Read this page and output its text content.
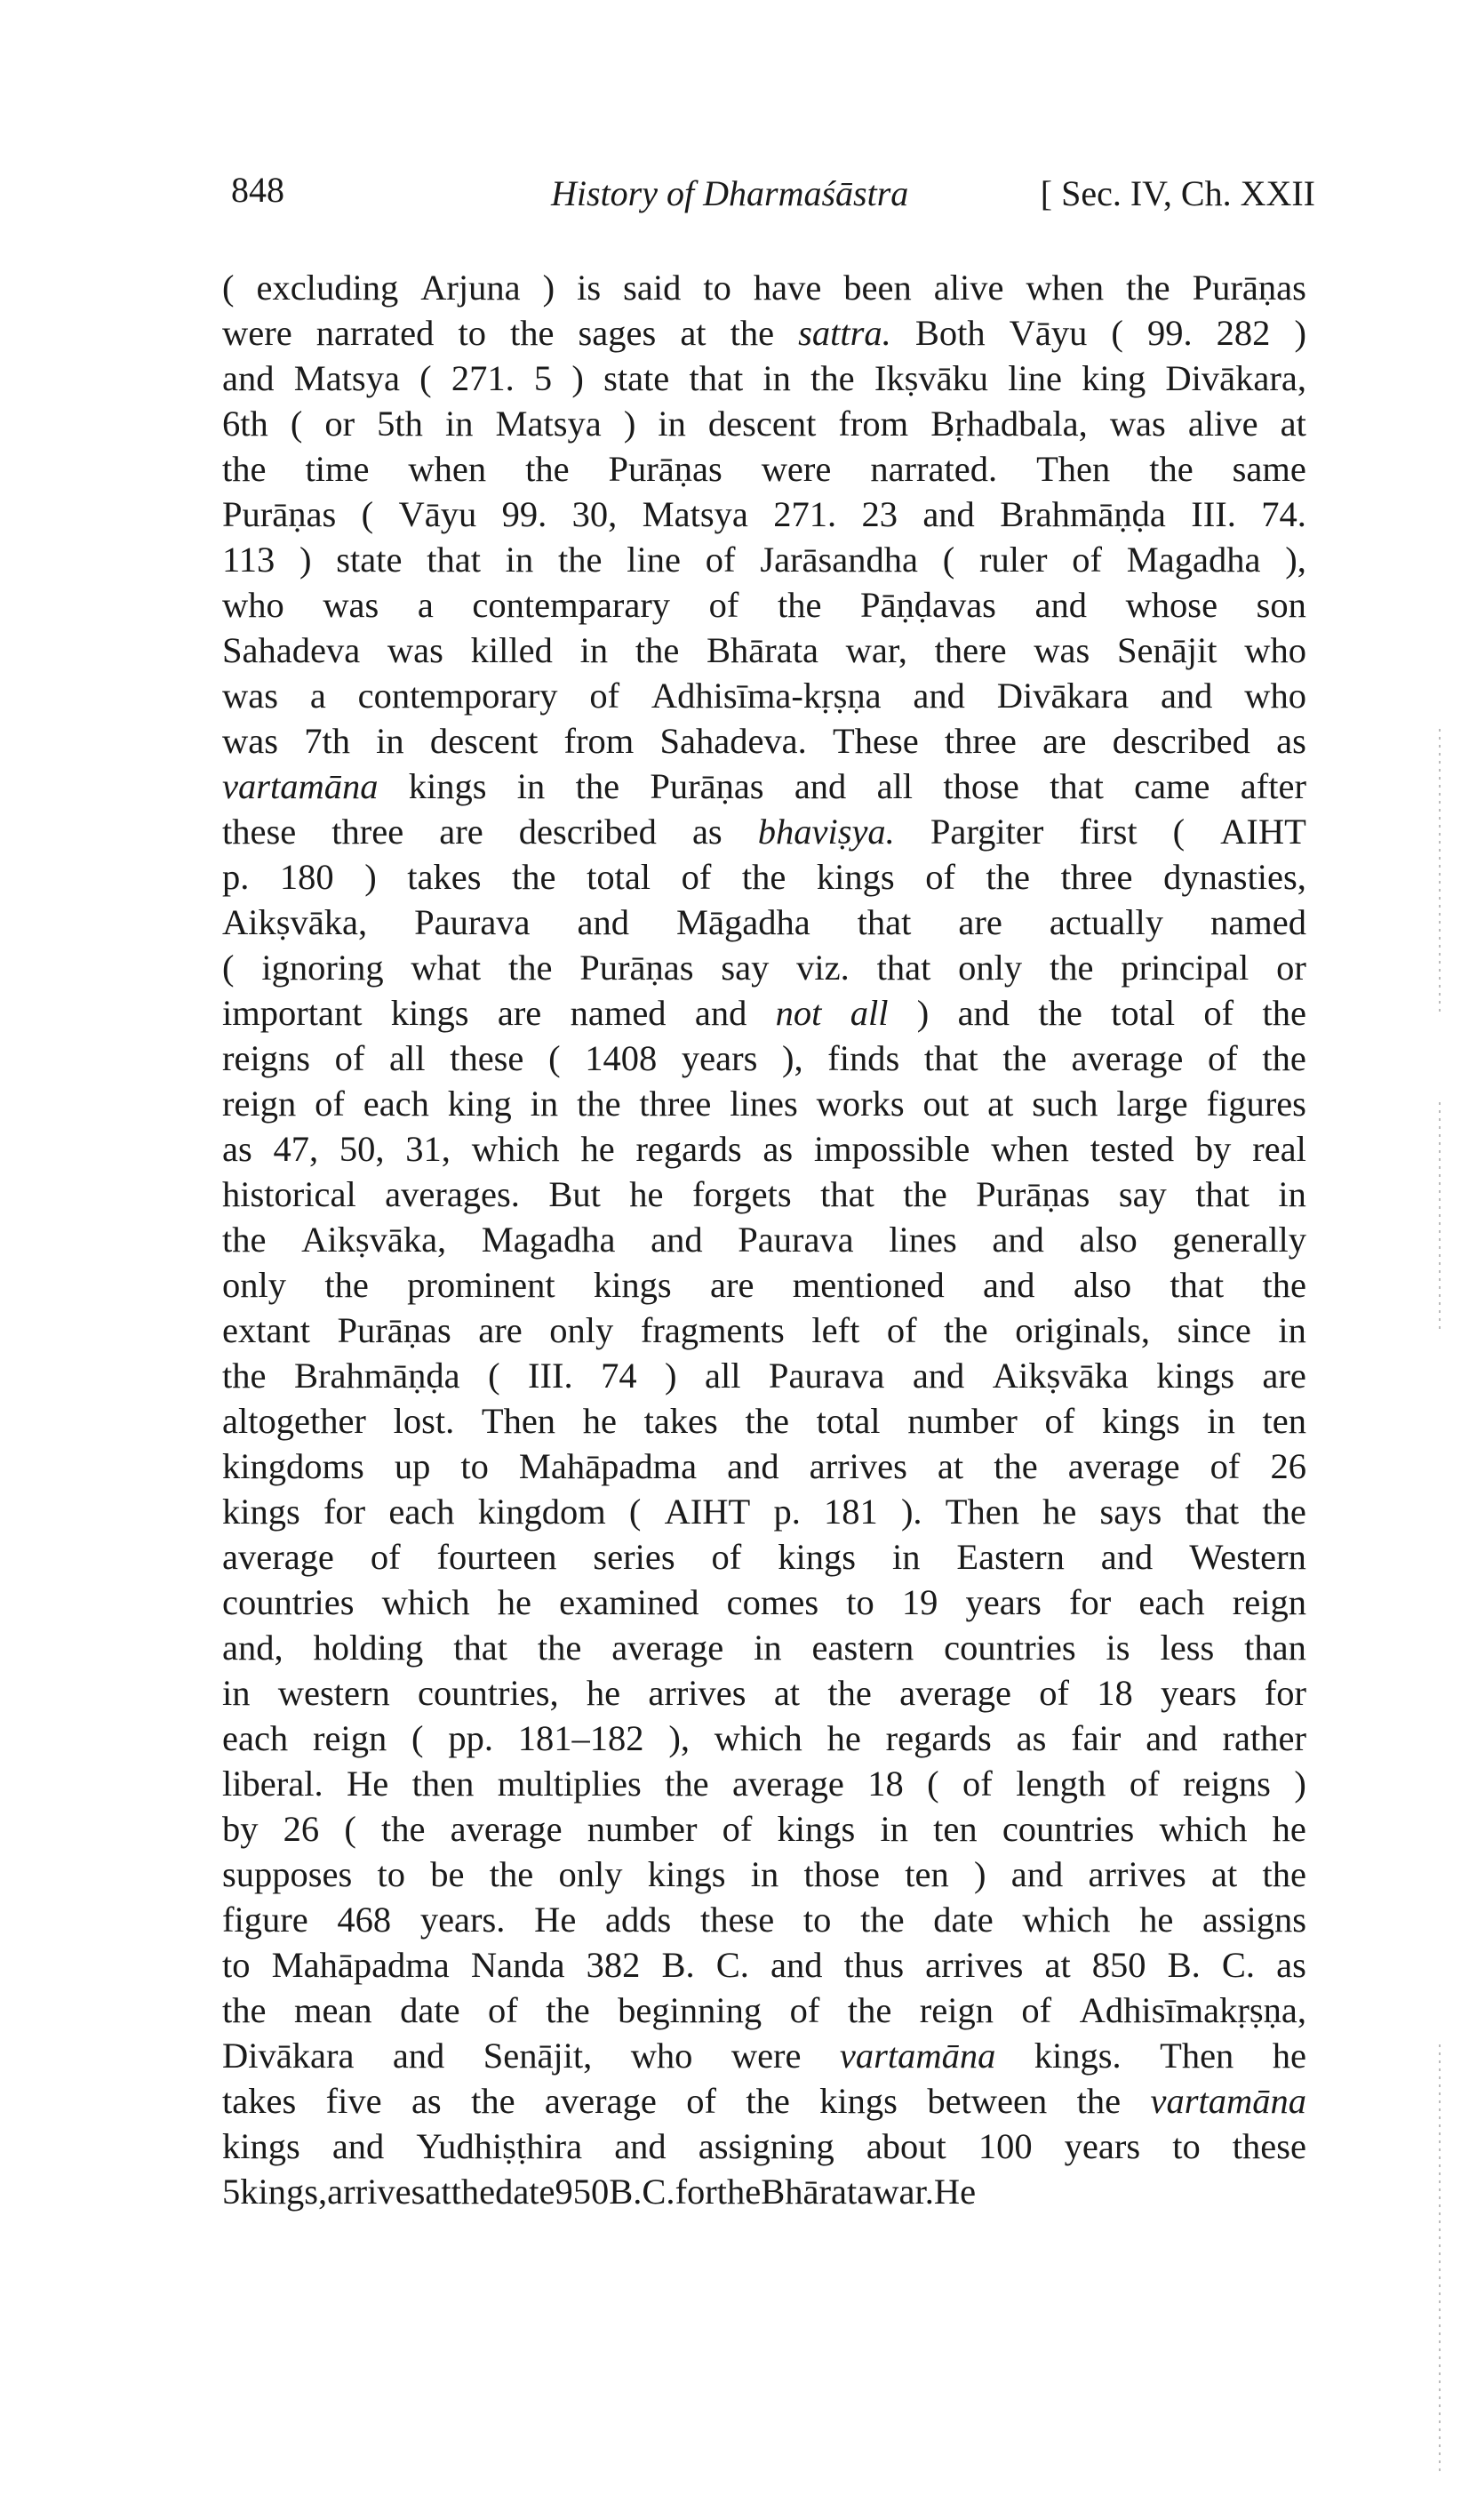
848	History of Dharmaśāstra	[ Sec. IV, Ch. XXII
( excluding Arjuna ) is said to have been alive when the Purāṇas
were narrated to the sages at the sattra. Both Vāyu ( 99. 282 )
and Matsya ( 271. 5 ) state that in the Ikṣvāku line king Divākara,
6th ( or 5th in Matsya ) in descent from Bṛhadbala, was alive at
the time when the Purāṇas were narrated. Then the same
Purāṇas ( Vāyu 99. 30, Matsya 271. 23 and Brahmāṇḍa III. 74.
113 ) state that in the line of Jarāsandha ( ruler of Magadha ),
who was a contemparary of the Pāṇḍavas and whose son
Sahadeva was killed in the Bhārata war, there was Senājit who
was a contemporary of Adhisīma-kṛṣṇa and Divākara and who
was 7th in descent from Sahadeva. These three are described as
vartamāna kings in the Purāṇas and all those that came after
these three are described as bhaviṣya. Pargiter first ( AIHT
p. 180 ) takes the total of the kings of the three dynasties,
Aikṣvāka, Paurava and Māgadha that are actually named
( ignoring what the Purāṇas say viz. that only the principal or
important kings are named and not all ) and the total of the
reigns of all these ( 1408 years ), finds that the average of the
reign of each king in the three lines works out at such large figures
as 47, 50, 31, which he regards as impossible when tested by real
historical averages. But he forgets that the Purāṇas say that in
the Aikṣvāka, Magadha and Paurava lines and also generally
only the prominent kings are mentioned and also that the
extant Purāṇas are only fragments left of the originals, since in
the Brahmāṇḍa ( III. 74 ) all Paurava and Aikṣvāka kings are
altogether lost. Then he takes the total number of kings in ten
kingdoms up to Mahāpadma and arrives at the average of 26
kings for each kingdom ( AIHT p. 181 ). Then he says that the
average of fourteen series of kings in Eastern and Western
countries which he examined comes to 19 years for each reign
and, holding that the average in eastern countries is less than
in western countries, he arrives at the average of 18 years for
each reign ( pp. 181–182 ), which he regards as fair and rather
liberal. He then multiplies the average 18 ( of length of reigns )
by 26 ( the average number of kings in ten countries which he
supposes to be the only kings in those ten ) and arrives at the
figure 468 years. He adds these to the date which he assigns
to Mahāpadma Nanda 382 B. C. and thus arrives at 850 B. C. as
the mean date of the beginning of the reign of Adhisīmakṛṣṇa,
Divākara and Senājit, who were vartamāna kings. Then he
takes five as the average of the kings between the vartamāna
kings and Yudhiṣṭhira and assigning about 100 years to these
5 kings, arrives at the date 950 B. C. for the Bhārata war. He
